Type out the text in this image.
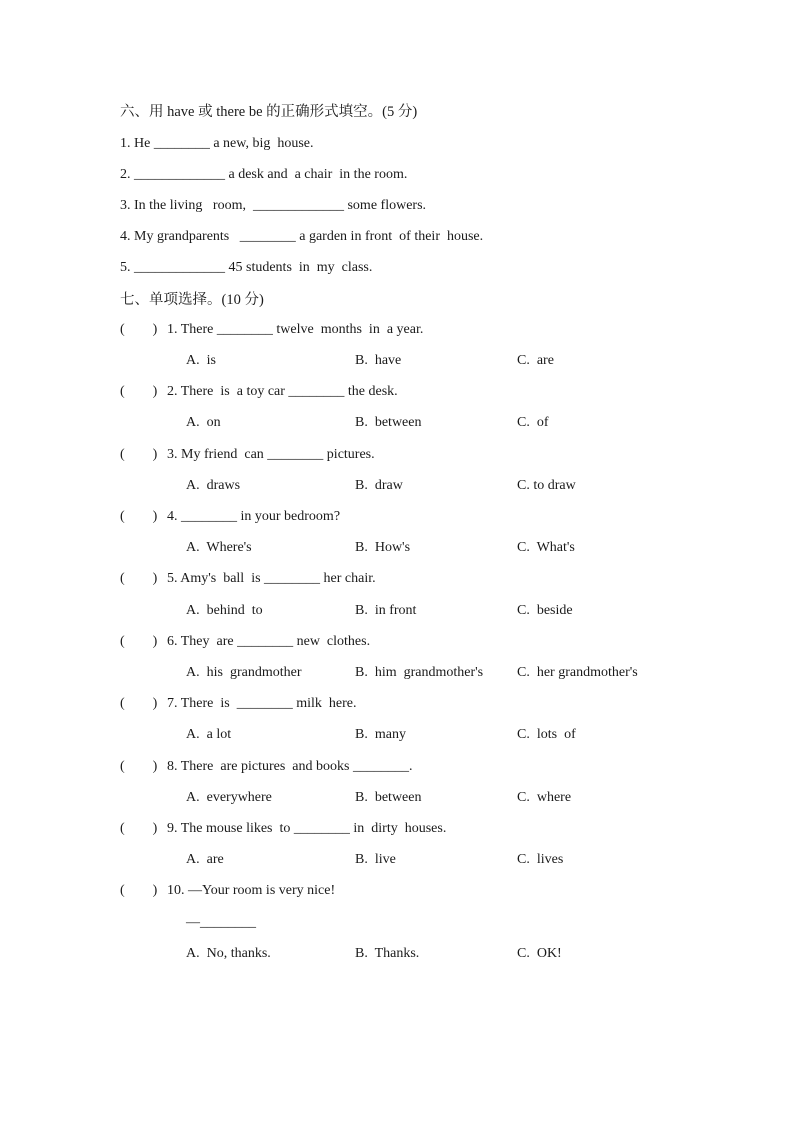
六、用 have 或 there be 的正确形式填空。(5 分)
1. He ________ a new, big  house.
2. _____________ a desk and  a chair  in the room.
3. In the living   room,  _____________ some flowers.
4. My grandparents   ________ a garden in front  of their  house.
5. _____________ 45 students  in  my  class.
七、单项选择。(10 分)
(        ) 1. There ________ twelve  months  in  a year.
A.  is	B.  have	C.  are
(        ) 2. There  is  a toy car ________ the desk.
A.  on	B.  between	C.  of
(        ) 3. My friend  can ________ pictures.
A.  draws	B.  draw	C. to draw
(        ) 4. ________ in your bedroom?
A.  Where's	B.  How's	C.  What's
(        ) 5. Amy's  ball  is ________ her chair.
A.  behind  to	B.  in front	C.  beside
(        ) 6. They  are ________ new  clothes.
A.  his  grandmother	B.  him  grandmother's C.  her grandmother's
(        ) 7. There  is  ________ milk  here.
A.  a lot	B.  many	C.  lots  of
(        ) 8. There  are pictures  and books ________.
A.  everywhere	B.  between	C.  where
(        ) 9. The mouse likes  to ________ in  dirty  houses.
A.  are	B.  live	C.  lives
(        ) 10. —Your room is very nice!
—________
A.  No, thanks.	B.  Thanks.	C.  OK!
